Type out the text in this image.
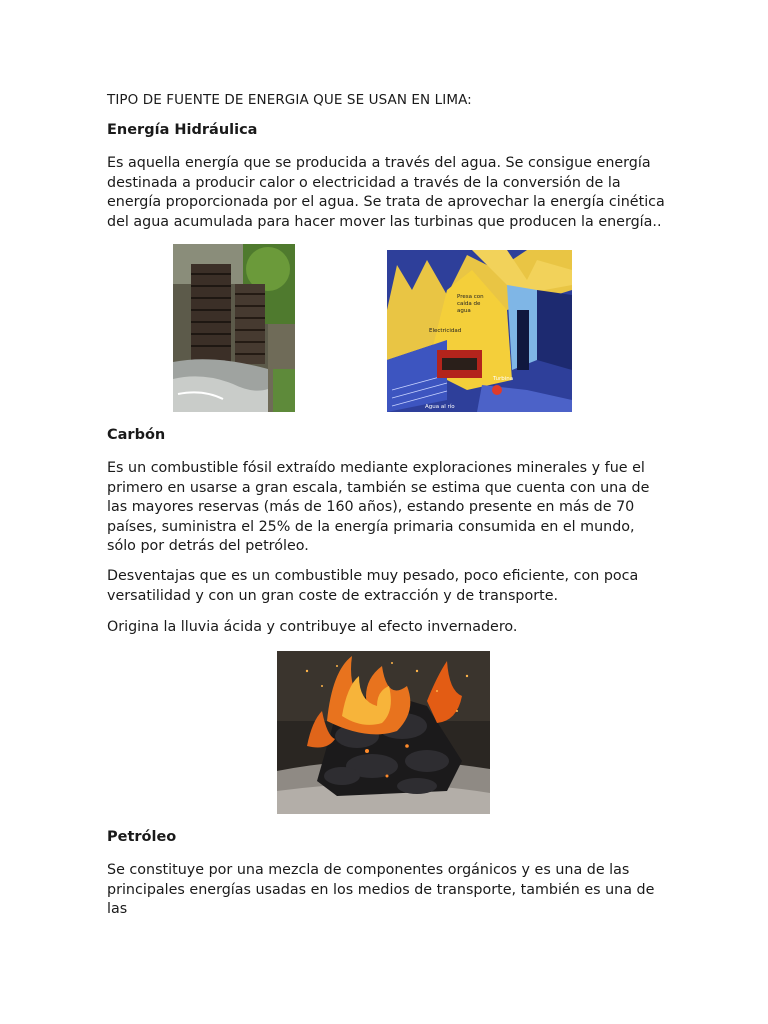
TIPO DE FUENTE DE ENERGIA QUE SE USAN EN LIMA:
Energía Hidráulica

Es aquella energía que se producida a través del agua. Se consigue energía destinada a producir calor o electricidad a través de la conversión de la energía proporcionada por el agua. Se trata de aprovechar la energía cinética del agua acumulada para hacer mover las turbinas que producen la energía..

Presa con
caída de
agua
Electricidad
Turbina
Agua al río
Carbón

Es un combustible fósil extraído mediante exploraciones minerales y fue el primero en usarse a gran escala, también se estima que cuenta con una de las mayores reservas (más de 160 años), estando presente en más de 70 países, suministra el 25% de la energía primaria consumida en el mundo, sólo por detrás del petróleo.

Desventajas que es un combustible muy pesado, poco eficiente, con poca versatilidad y con un gran coste de extracción y de transporte.

Origina la lluvia ácida y contribuye al efecto invernadero.

Petróleo

Se constituye por una mezcla de componentes orgánicos y es una de las principales energías usadas en los medios de transporte, también es una de las
